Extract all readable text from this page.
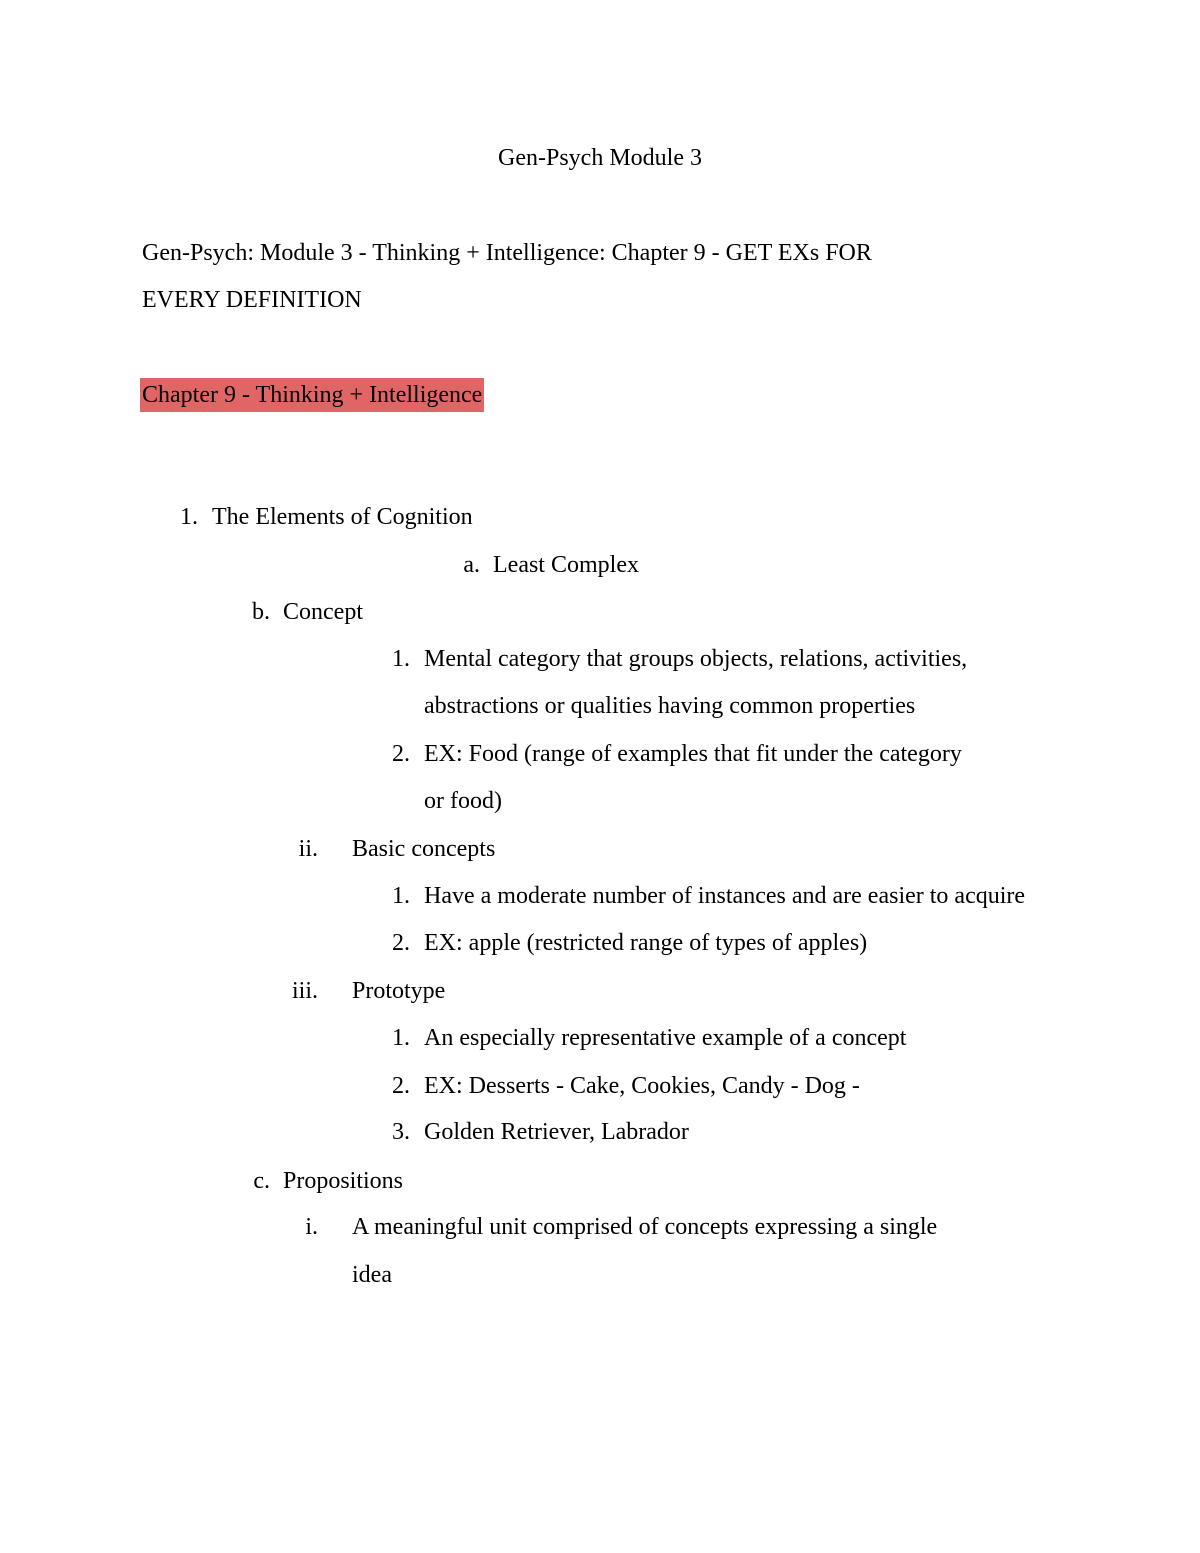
Gen-Psych Module 3
Gen-Psych: Module 3 - Thinking + Intelligence: Chapter 9 - GET EXs FOR
EVERY DEFINITION
Chapter 9 - Thinking + Intelligence
1. The Elements of Cognition
a. Least Complex
b. Concept
1. Mental category that groups objects, relations, activities,
abstractions or qualities having common properties
2. EX: Food (range of examples that fit under the category
or food)
ii. Basic concepts
1. Have a moderate number of instances and are easier to acquire
2. EX: apple (restricted range of types of apples)
iii. Prototype
1. An especially representative example of a concept
2. EX: Desserts - Cake, Cookies, Candy - Dog -
3. Golden Retriever, Labrador
c. Propositions
i. A meaningful unit comprised of concepts expressing a single
idea
